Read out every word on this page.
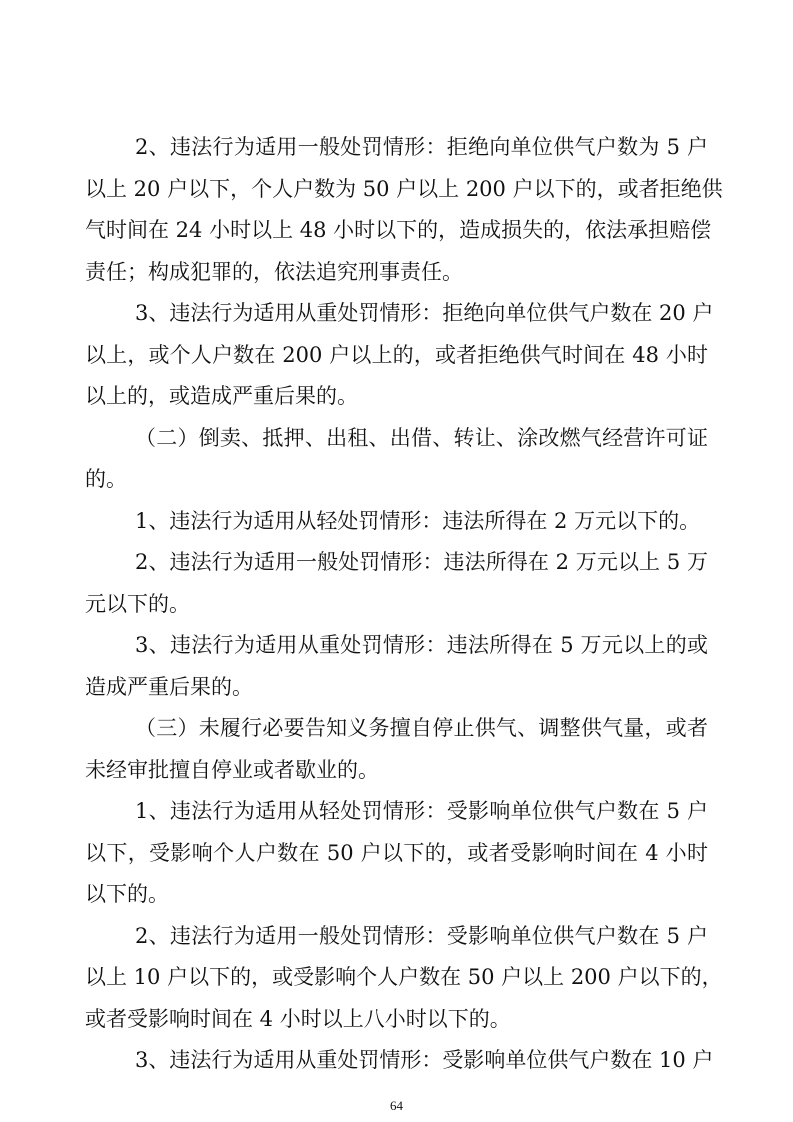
2、违法行为适用一般处罚情形：拒绝向单位供气户数为 5 户
以上 20 户以下，个人户数为 50 户以上 200 户以下的，或者拒绝供
气时间在 24 小时以上 48 小时以下的，造成损失的，依法承担赔偿
责任；构成犯罪的，依法追究刑事责任。
3、违法行为适用从重处罚情形：拒绝向单位供气户数在 20 户
以上，或个人户数在 200 户以上的，或者拒绝供气时间在 48 小时
以上的，或造成严重后果的。
（二）倒卖、抵押、出租、出借、转让、涂改燃气经营许可证
的。
1、违法行为适用从轻处罚情形：违法所得在 2 万元以下的。
2、违法行为适用一般处罚情形：违法所得在 2 万元以上 5 万
元以下的。
3、违法行为适用从重处罚情形：违法所得在 5 万元以上的或
造成严重后果的。
（三）未履行必要告知义务擅自停止供气、调整供气量，或者
未经审批擅自停业或者歇业的。
1、违法行为适用从轻处罚情形：受影响单位供气户数在 5 户
以下，受影响个人户数在 50 户以下的，或者受影响时间在 4 小时
以下的。
2、违法行为适用一般处罚情形：受影响单位供气户数在 5 户
以上 10 户以下的，或受影响个人户数在 50 户以上 200 户以下的，
或者受影响时间在 4 小时以上八小时以下的。
3、违法行为适用从重处罚情形：受影响单位供气户数在 10 户
64
